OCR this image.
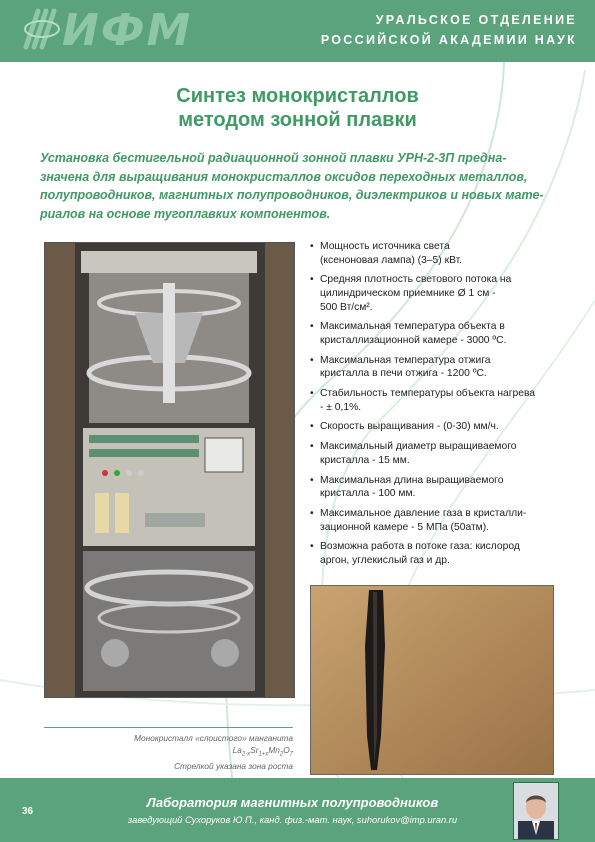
ИФМ	УРАЛЬСКОЕ ОТДЕЛЕНИЕ
РОССИЙСКОЙ АКАДЕМИИ НАУК
Синтез монокристаллов
методом зонной плавки
Установка бестигельной радиационной зонной плавки УРН-2-3П предна-
значена для выращивания монокристаллов оксидов переходных металлов,
полупроводников, магнитных полупроводников, диэлектриков и новых мате-
риалов на основе тугоплавких компонентов.
• Мощность источника света
(ксеноновая лампа) (3–5) кВт.
• Средняя плотность светового потока на
цилиндрическом приемнике Ø 1 см -
500 Вт/см².
• Максимальная температура объекта в
кристаллизационной камере - 3000 ºС.
• Максимальная температура отжига
кристалла в печи отжига - 1200 ºС.
• Стабильность температуры объекта нагрева
- ± 0,1%.
• Скорость выращивания - (0-30) мм/ч.
• Максимальный диаметр выращиваемого
кристалла - 15 мм.
• Максимальная длина выращиваемого
кристалла - 100 мм.
• Максимальное давление газа в кристалли-
зационной камере - 5 МПа (50атм).
• Возможна работа в потоке газа: кислород
аргон, углекислый газ и др.
Монокристалл «слоистого» манганита
$La_{2-x}Sr_{1+x}Mn_2O_7$
Стрелкой указана зона роста
36
Лаборатория магнитных полупроводников
заведующий Сухоруков Ю.П., канд. физ.-мат. наук, suhorukov@imp.uran.ru
